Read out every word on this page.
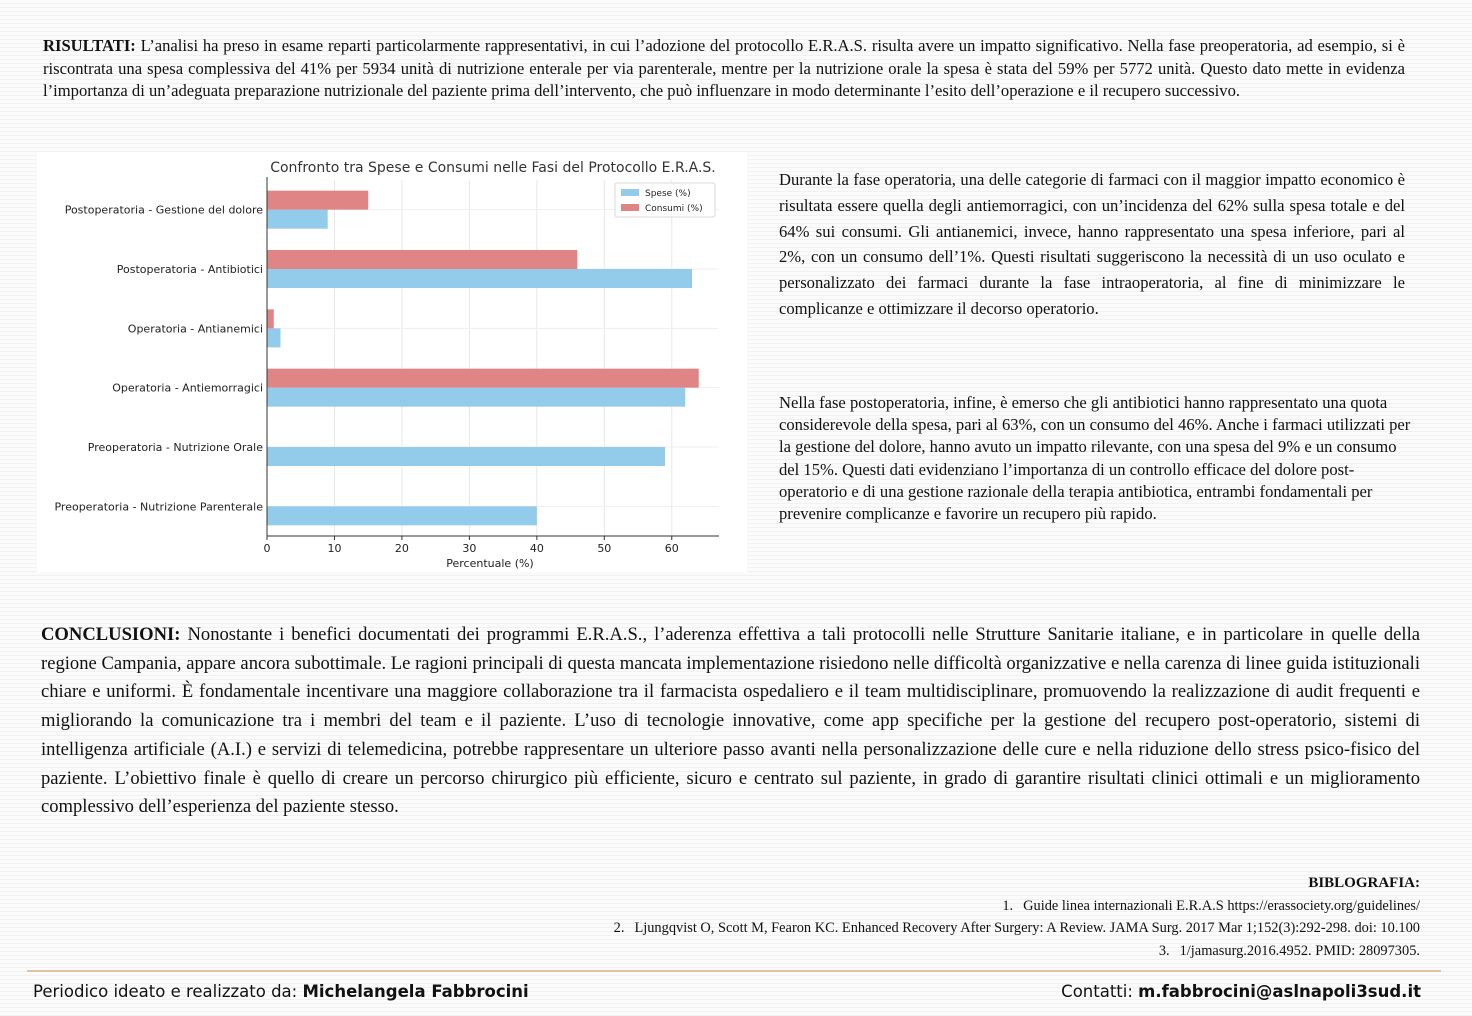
RISULTATI: L’analisi ha preso in esame reparti particolarmente rappresentativi, in cui l’adozione del protocollo E.R.A.S. risulta avere un impatto significativo. Nella fase preoperatoria, ad esempio, si è riscontrata una spesa complessiva del 41% per 5934 unità di nutrizione enterale per via parenterale, mentre per la nutrizione orale la spesa è stata del 59% per 5772 unità. Questo dato mette in evidenza l’importanza di un’adeguata preparazione nutrizionale del paziente prima dell’intervento, che può influenzare in modo determinante l’esito dell’operazione e il recupero successivo.
Preoperatoria - Nutrizione Parenterale
Preoperatoria - Nutrizione Orale
Operatoria - Antiemorragici
Operatoria - Antianemici
Postoperatoria - Antibiotici
Postoperatoria - Gestione del dolore
0	10	20	30	40	50	60
Confronto tra Spese e Consumi nelle Fasi del Protocollo E.R.A.S.
Percentuale (%)
Spese (%)
Consumi (%)
Durante la fase operatoria, una delle categorie di farmaci con il maggior impatto economico è risultata essere quella degli antiemorragici, con un’incidenza del 62% sulla spesa totale e del 64% sui consumi. Gli antianemici, invece, hanno rappresentato una spesa inferiore, pari al 2%, con un consumo dell’1%. Questi risultati suggeriscono la necessità di un uso oculato e personalizzato dei farmaci durante la fase intraoperatoria, al fine di minimizzare le complicanze e ottimizzare il decorso operatorio.
Nella fase postoperatoria, infine, è emerso che gli antibiotici hanno rappresentato una quota considerevole della spesa, pari al 63%, con un consumo del 46%. Anche i farmaci utilizzati per la gestione del dolore, hanno avuto un impatto rilevante, con una spesa del 9% e un consumo del 15%. Questi dati evidenziano l’importanza di un controllo efficace del dolore post-operatorio e di una gestione razionale della terapia antibiotica, entrambi fondamentali per prevenire complicanze e favorire un recupero più rapido.
CONCLUSIONI: Nonostante i benefici documentati dei programmi E.R.A.S., l’aderenza effettiva a tali protocolli nelle Strutture Sanitarie italiane, e in particolare in quelle della regione Campania, appare ancora subottimale. Le ragioni principali di questa mancata implementazione risiedono nelle difficoltà organizzative e nella carenza di linee guida istituzionali chiare e uniformi. È fondamentale incentivare una maggiore collaborazione tra il farmacista ospedaliero e il team multidisciplinare, promuovendo la realizzazione di audit frequenti e migliorando la comunicazione tra i membri del team e il paziente. L’uso di tecnologie innovative, come app specifiche per la gestione del recupero post-operatorio, sistemi di intelligenza artificiale (A.I.) e servizi di telemedicina, potrebbe rappresentare un ulteriore passo avanti nella personalizzazione delle cure e nella riduzione dello stress psico-fisico del paziente. L’obiettivo finale è quello di creare un percorso chirurgico più efficiente, sicuro e centrato sul paziente, in grado di garantire risultati clinici ottimali e un miglioramento complessivo dell’esperienza del paziente stesso.
BIBLOGRAFIA:
1. Guide linea internazionali E.R.A.S https://erassociety.org/guidelines/
2. Ljungqvist O, Scott M, Fearon KC. Enhanced Recovery After Surgery: A Review. JAMA Surg. 2017 Mar 1;152(3):292-298. doi: 10.100
3. 1/jamasurg.2016.4952. PMID: 28097305.
Periodico ideato e realizzato da: Michelangela Fabbrocini	Contatti: m.fabbrocini@aslnapoli3sud.it
